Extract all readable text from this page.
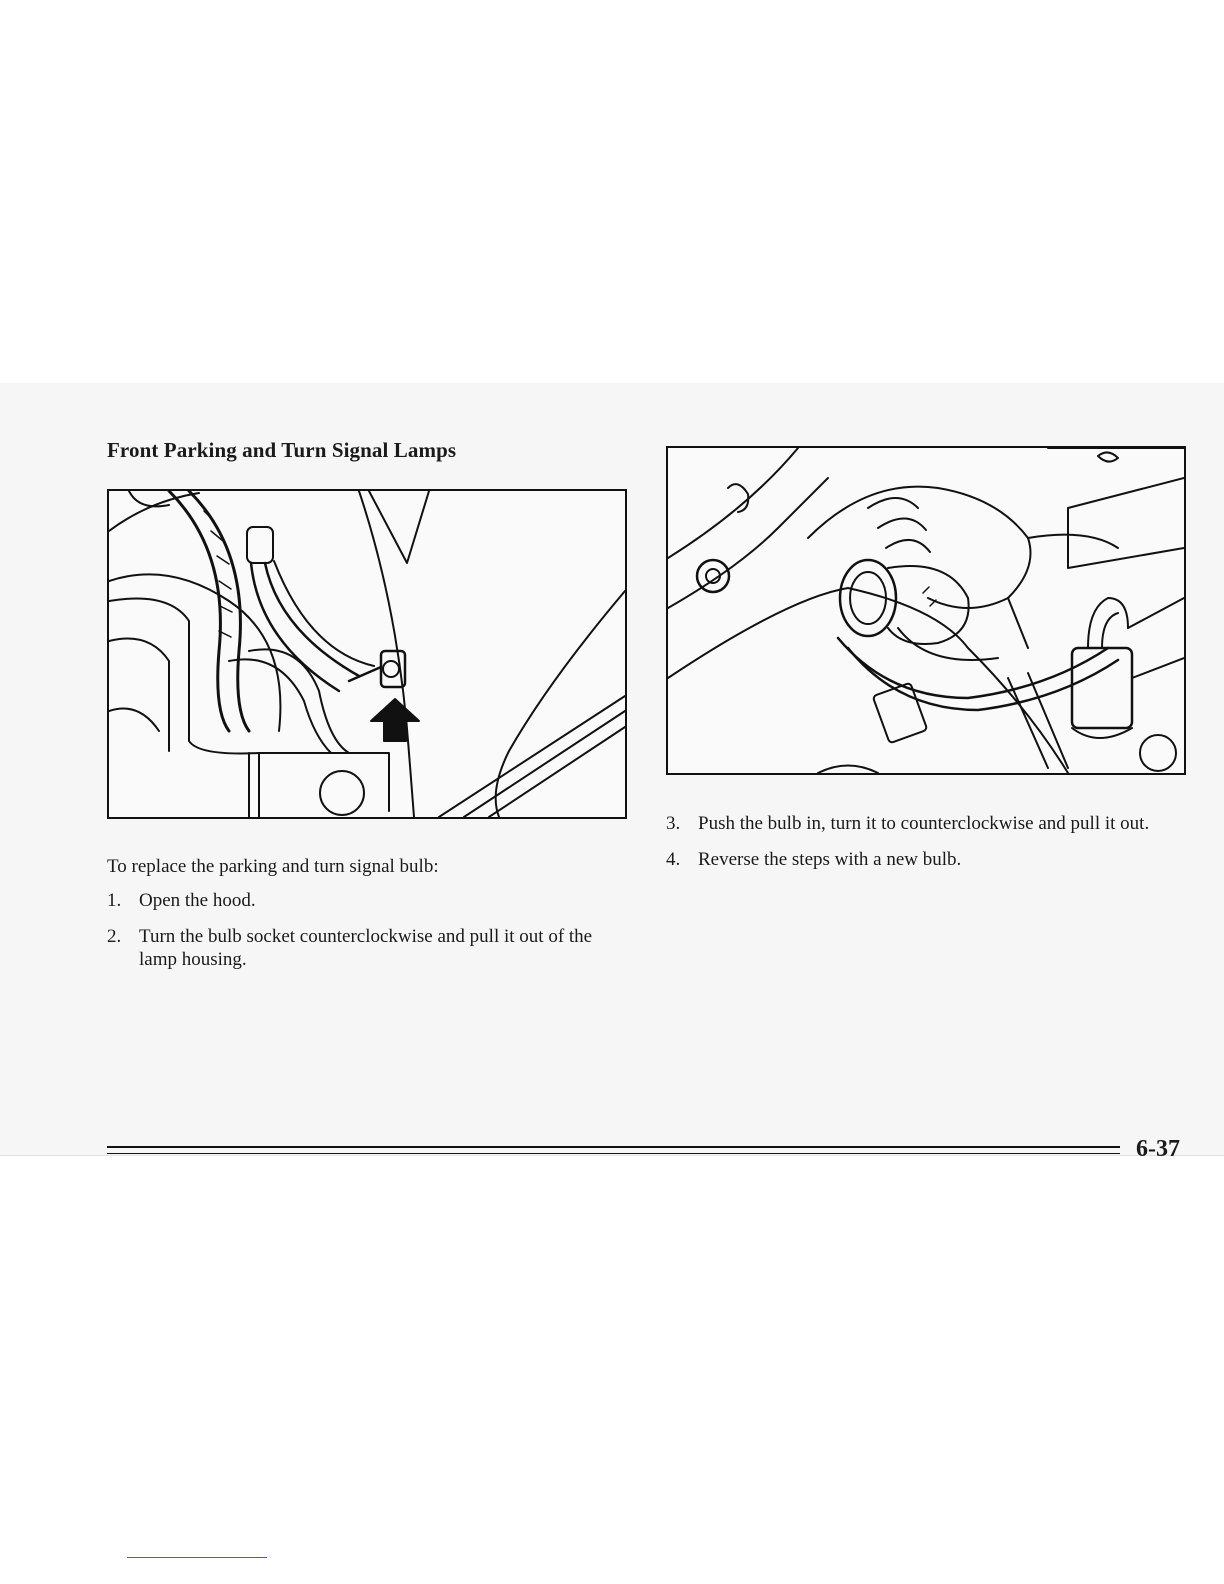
Front Parking and Turn Signal Lamps

To replace the parking and turn signal bulb:

1. Open the hood.
2. Turn the bulb socket counterclockwise and pull it out of the lamp housing.
3. Push the bulb in, turn it to counterclockwise and pull it out.
4. Reverse the steps with a new bulb.

6-37
